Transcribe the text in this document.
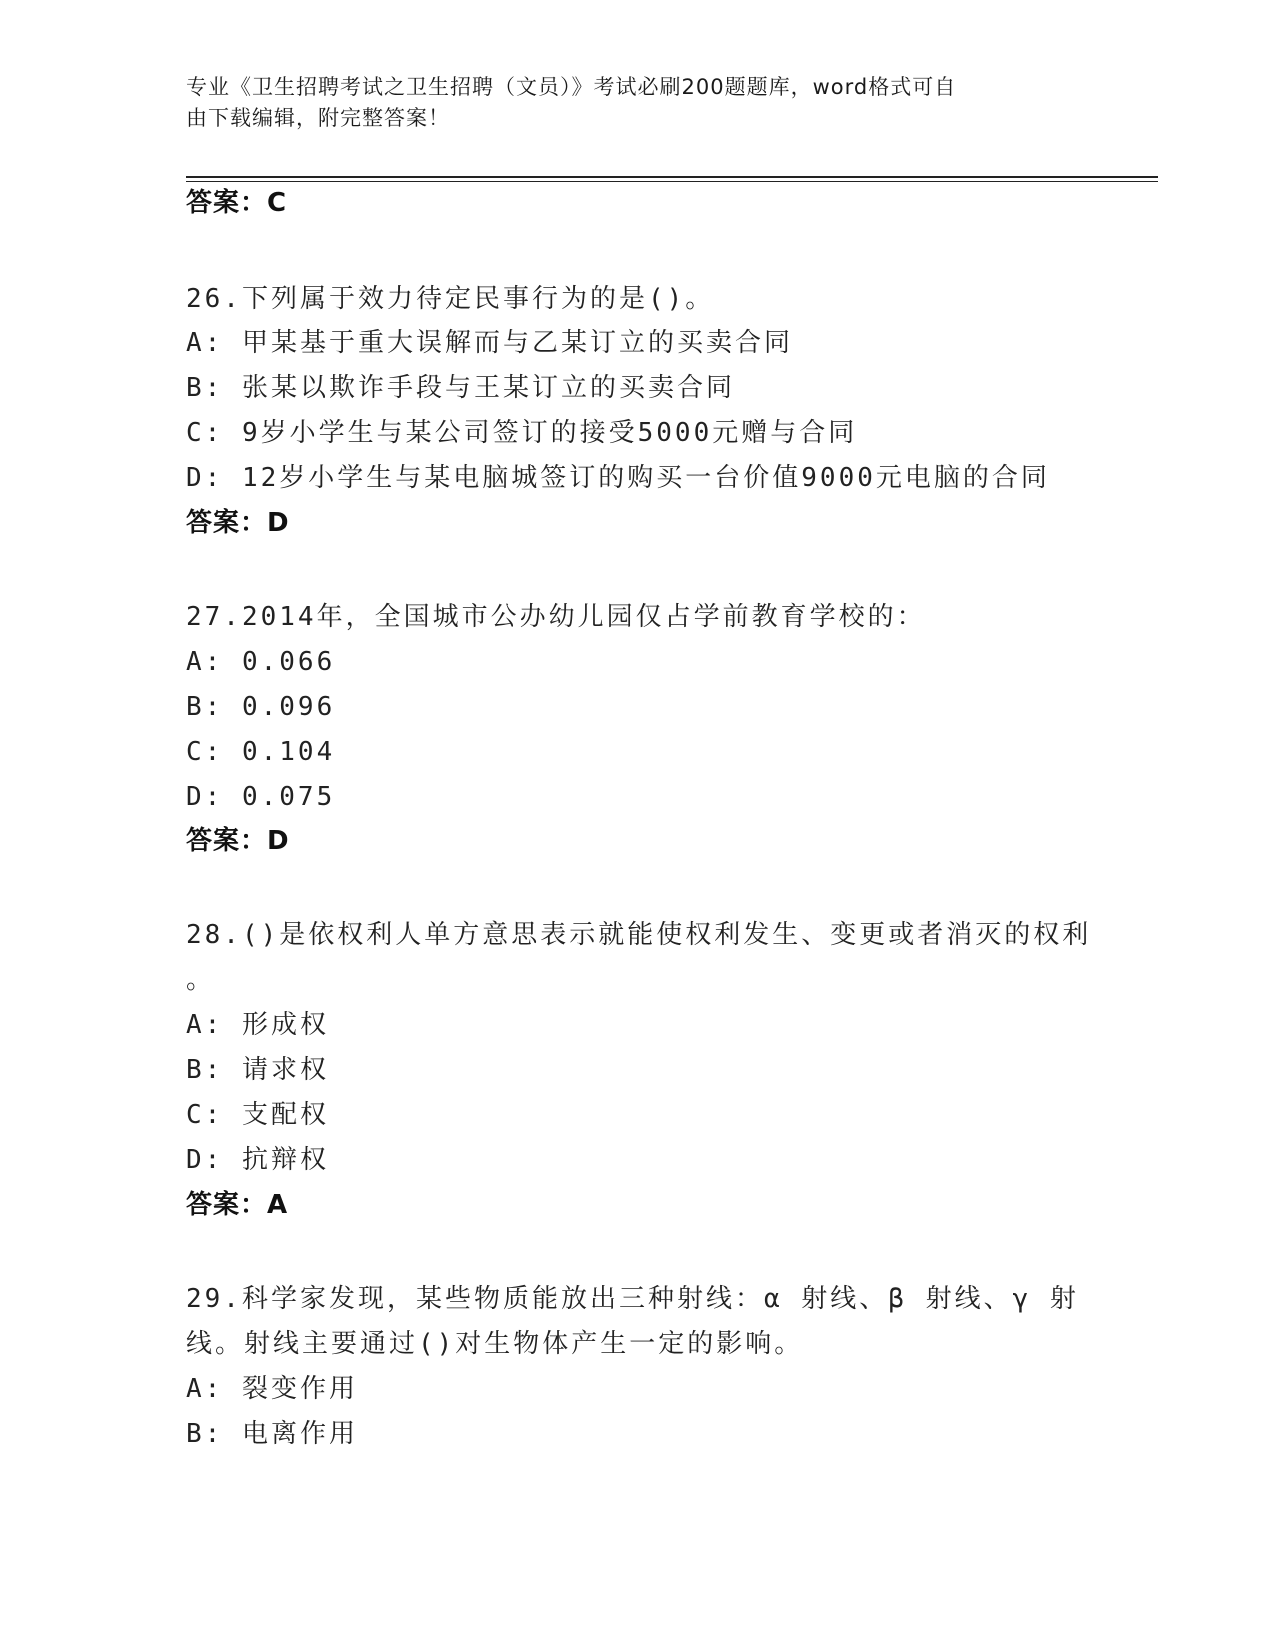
专业《卫生招聘考试之卫生招聘（文员）》考试必刷200题题库，word格式可自
由下载编辑，附完整答案！
答案：C
26.下列属于效力待定民事行为的是()。
A: 甲某基于重大误解而与乙某订立的买卖合同
B: 张某以欺诈手段与王某订立的买卖合同
C: 9岁小学生与某公司签订的接受5000元赠与合同
D: 12岁小学生与某电脑城签订的购买一台价值9000元电脑的合同
答案：D
27.2014年，全国城市公办幼儿园仅占学前教育学校的：
A: 0.066
B: 0.096
C: 0.104
D: 0.075
答案：D
28.()是依权利人单方意思表示就能使权利发生、变更或者消灭的权利
。
A: 形成权
B: 请求权
C: 支配权
D: 抗辩权
答案：A
29.科学家发现，某些物质能放出三种射线：α 射线、β 射线、γ 射
线。射线主要通过()对生物体产生一定的影响。
A: 裂变作用
B: 电离作用
